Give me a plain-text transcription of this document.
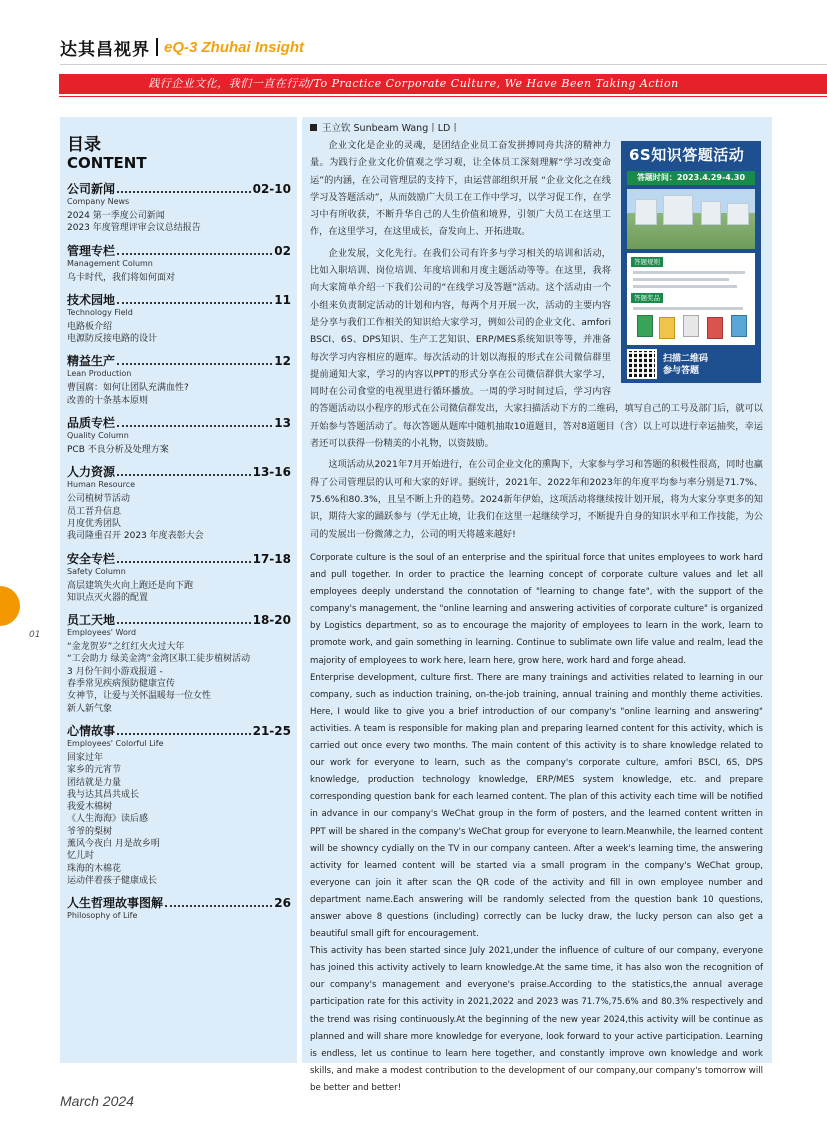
达其昌视界 eQ-3 Zhuhai Insight
践行企业文化，我们一直在行动/To Practice Corporate Culture, We Have Been Taking Action
目录
CONTENT
公司新闻	02-10
Company News
2024 第一季度公司新闻
2023 年度管理评审会议总结报告
管理专栏	02
Management Column
乌卡时代，我们将如何面对
技术园地	11
Technology Field
电路板介绍
电源防反接电路的设计
精益生产	12
Lean Production
曹国腐：如何让团队充满血性?
改善的十条基本原则
品质专栏	13
Quality Column
PCB 不良分析及处理方案
人力资源	13-16
Human Resource
公司植树节活动
员工晋升信息
月度优秀团队
我司隆重召开 2023 年度表彰大会
安全专栏	17-18
Safety Column
高层建筑失火向上跑还是向下跑
知识点灭火器的配置
员工天地	18-20
Employees' Word
“金龙贺岁”之红红火火过大年
“工会助力 绿美金湾”金湾区职工徒步植树活动
3 月份午间小游戏报道 -
春季常见疾病预防健康宣传
女神节，让爱与关怀温暖每一位女性
新人新气象
心情故事	21-25
Employees' Colorful Life
回家过年
家乡的元宵节
团结就是力量
我与达其昌共成长
我爱木棉树
《人生海海》读后感
爷爷的梨树
薰风今夜白 月是故乡明
忆儿时
珠海的木棉花
运动伴着孩子健康成长
人生哲理故事图解	26
Philosophy of Life
王立钦 Sunbeam Wang丨LD丨
6S知识答题活动
答题时间：2023.4.29-4.30
答题规则
答题奖品
扫描二维码
参与答题

企业文化是企业的灵魂，是团结企业员工奋发拼搏同舟共济的精神力量。为践行企业文化价值观之学习观，让全体员工深刻理解“学习改变命运”的内涵，在公司管理层的支持下，由运营部组织开展 “企业文化之在线学习及答题活动”，从而鼓励广大员工在工作中学习，以学习促工作，在学习中有所收获，不断升华自己的人生价值和境界，引领广大员工在这里工作，在这里学习，在这里成长，奋发向上、开拓进取。

企业发展，文化先行。在我们公司有许多与学习相关的培训和活动，比如入职培训、岗位培训、年度培训和月度主题活动等等。在这里，我将向大家简单介绍一下我们公司的“在线学习及答题”活动。这个活动由一个小组来负责制定活动的计划和内容，每两个月开展一次，活动的主要内容是分享与我们工作相关的知识给大家学习，例如公司的企业文化、amfori BSCI、6S、DPS知识、生产工艺知识、ERP/MES系统知识等等，并准备每次学习内容相应的题库。每次活动的计划以海报的形式在公司微信群里提前通知大家，学习的内容以PPT的形式分享在公司微信群供大家学习，同时在公司食堂的电视里进行循环播放。一周的学习时间过后，学习内容的答题活动以小程序的形式在公司微信群发出，大家扫描活动下方的二维码，填写自己的工号及部门后，就可以开始参与答题活动了。每次答题从题库中随机抽取10道题目，答对8道题目（含）以上可以进行幸运抽奖，幸运者还可以获得一份精美的小礼物，以资鼓励。

这项活动从2021年7月开始进行，在公司企业文化的熏陶下，大家参与学习和答题的积极性很高，同时也赢得了公司管理层的认可和大家的好评。据统计，2021年、2022年和2023年的年度平均参与率分别是71.7%、75.6%和80.3%，且呈不断上升的趋势。2024新年伊始，这项活动将继续按计划开展，将为大家分享更多的知识，期待大家的踊跃参与（学无止境，让我们在这里一起继续学习，不断提升自身的知识水平和工作技能，为公司的发展出一份微薄之力，公司的明天将越来越好!

Corporate culture is the soul of an enterprise and the spiritual force that unites employees to work hard and pull together. In order to practice the learning concept of corporate culture values and let all employees deeply understand the connotation of "learning to change fate", with the support of the company's management, the "online learning and answering activities of corporate culture" is organized by Logistics department, so as to encourage the majority of employees to learn in the work, learn to promote work, and gain something in learning. Continue to sublimate own life value and realm, lead the majority of employees to work here, learn here, grow here, work hard and forge ahead.

Enterprise development, culture first. There are many trainings and activities related to learning in our company, such as induction training, on-the-job training, annual training and monthly theme activities. Here, I would like to give you a brief introduction of our company's "online learning and answering" activities. A team is responsible for making plan and preparing learned content for this activity, which is carried out once every two months. The main content of this activity is to share knowledge related to our work for everyone to learn, such as the company's corporate culture, amfori BSCI, 6S, DPS knowledge, production technology knowledge, ERP/MES system knowledge, etc. and prepare corresponding question bank for each learned content. The plan of this activity each time will be notified in advance in our company's WeChat group in the form of posters, and the learned content written in PPT will be shared in the company's WeChat group for everyone to learn.Meanwhile, the learned content will be showncy cydially on the TV in our company canteen. After a week's learning time, the answering activity for learned content will be started via a small program in the company's WeChat group, everyone can join it after scan the QR code of the activity and fill in own employee number and department name.Each answering will be randomly selected from the question bank 10 questions, answer above 8 questions (including) correctly can be lucky draw, the lucky person can also get a beautiful small gift for encouragement.

This activity has been started since July 2021,under the influence of culture of our company, everyone has joined this activity actively to learn knowledge.At the same time, it has also won the recognition of our company's management and everyone's praise.According to the statistics,the annual average participation rate for this activity in 2021,2022 and 2023 was 71.7%,75.6% and 80.3% respectively and the trend was rising continuously.At the beginning of the new year 2024,this activity will be continue as planned and will share more knowledge for everyone, look forward to your active participation. Learning is endless, let us continue to learn here together, and constantly improve own knowledge and work skills, and make a modest contribution to the development of our company,our company's tomorrow will be better and better!

01
March 2024
